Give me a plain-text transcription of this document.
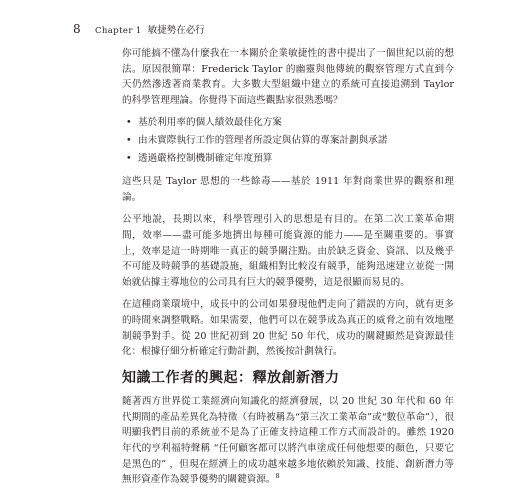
8	Chapter 1 敏捷勢在必行

你可能搞不懂為什麼我在一本關於企業敏捷性的書中提出了一個世紀以前的想法。原因很簡單：Frederick Taylor 的幽靈與他傳統的觀察管理方式直到今天仍然滲透著商業教育。大多數大型組織中建立的系統可直接追溯到 Taylor 的科學管理理論。你覺得下面這些觀點家很熟悉嗎？

• 基於利用率的個人績效最佳化方案
• 由未實際執行工作的管理者所設定與佔算的專案計劃與承諾
• 透過嚴格控制機制確定年度預算

這些只是 Taylor 思想的一些餘毒——基於 1911 年對商業世界的觀察和理論。

公平地說，長期以來，科學管理引入的思想是有目的。在第二次工業革命期間，效率——盡可能多地擠出每種可能資源的能力——是至關重要的。事實上，效率是這一時期唯一真正的競爭關注點。由於缺乏資金、資訊、以及幾乎不可能及時競爭的基礎設施，組織相對比較沒有競爭，能夠迅速建立並從一開始就佔據主導地位的公司具有巨大的競爭優勢，這是很顯而易見的。

在這種商業環境中，成長中的公司如果發現他們走向了錯誤的方向，就有更多的時間來調整戰略。如果需要，他們可以在競爭成為真正的威脅之前有效地壓制競爭對手。從 20 世紀初到 20 世紀 50 年代，成功的關鍵顯然是資源最佳化：根據仔細分析確定行動計劃，然後按計劃執行。

知識工作者的興起：釋放創新潛力

隨著西方世界從工業經濟向知識化的經濟發展，以 20 世紀 30 年代和 60 年代期間的產品差異化為特徵（有時被稱為“第三次工業革命”或“數位革命”），很明顯我們目前的系統並不是為了正確支持這種工作方式而設計的。雖然 1920 年代的亨利福特聲稱 “任何顧客都可以將汽車塗成任何他想要的顏色，只要它是黑色的” ，但現在經濟上的成功越來越多地依賴於知識、技能、創新潛力等無形資產作為競爭優勢的關鍵資源。$^8$
